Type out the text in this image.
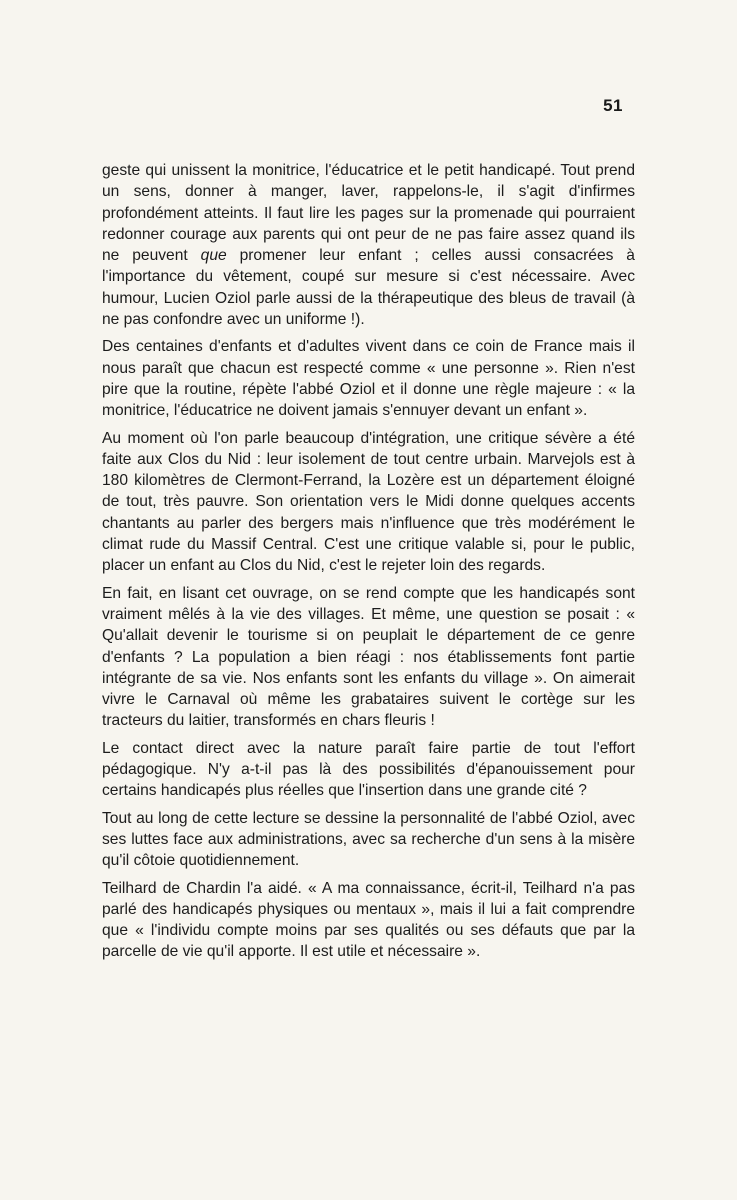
51

geste qui unissent la monitrice, l'éducatrice et le petit handicapé. Tout prend un sens, donner à manger, laver, rappelons-le, il s'agit d'infirmes profondément atteints. Il faut lire les pages sur la promenade qui pourraient redonner courage aux parents qui ont peur de ne pas faire assez quand ils ne peuvent que promener leur enfant ; celles aussi consacrées à l'importance du vêtement, coupé sur mesure si c'est nécessaire. Avec humour, Lucien Oziol parle aussi de la thérapeutique des bleus de travail (à ne pas confondre avec un uniforme !).

Des centaines d'enfants et d'adultes vivent dans ce coin de France mais il nous paraît que chacun est respecté comme « une personne ». Rien n'est pire que la routine, répète l'abbé Oziol et il donne une règle majeure : « la monitrice, l'éducatrice ne doivent jamais s'ennuyer devant un enfant ».

Au moment où l'on parle beaucoup d'intégration, une critique sévère a été faite aux Clos du Nid : leur isolement de tout centre urbain. Marvejols est à 180 kilomètres de Clermont-Ferrand, la Lozère est un département éloigné de tout, très pauvre. Son orientation vers le Midi donne quelques accents chantants au parler des bergers mais n'influence que très modérément le climat rude du Massif Central. C'est une critique valable si, pour le public, placer un enfant au Clos du Nid, c'est le rejeter loin des regards.

En fait, en lisant cet ouvrage, on se rend compte que les handicapés sont vraiment mêlés à la vie des villages. Et même, une question se posait : « Qu'allait devenir le tourisme si on peuplait le département de ce genre d'enfants ? La population a bien réagi : nos établissements font partie intégrante de sa vie. Nos enfants sont les enfants du village ». On aimerait vivre le Carnaval où même les grabataires suivent le cortège sur les tracteurs du laitier, transformés en chars fleuris !

Le contact direct avec la nature paraît faire partie de tout l'effort pédagogique. N'y a-t-il pas là des possibilités d'épanouissement pour certains handicapés plus réelles que l'insertion dans une grande cité ?

Tout au long de cette lecture se dessine la personnalité de l'abbé Oziol, avec ses luttes face aux administrations, avec sa recherche d'un sens à la misère qu'il côtoie quotidiennement.

Teilhard de Chardin l'a aidé. « A ma connaissance, écrit-il, Teilhard n'a pas parlé des handicapés physiques ou mentaux », mais il lui a fait comprendre que « l'individu compte moins par ses qualités ou ses défauts que par la parcelle de vie qu'il apporte. Il est utile et nécessaire ».
